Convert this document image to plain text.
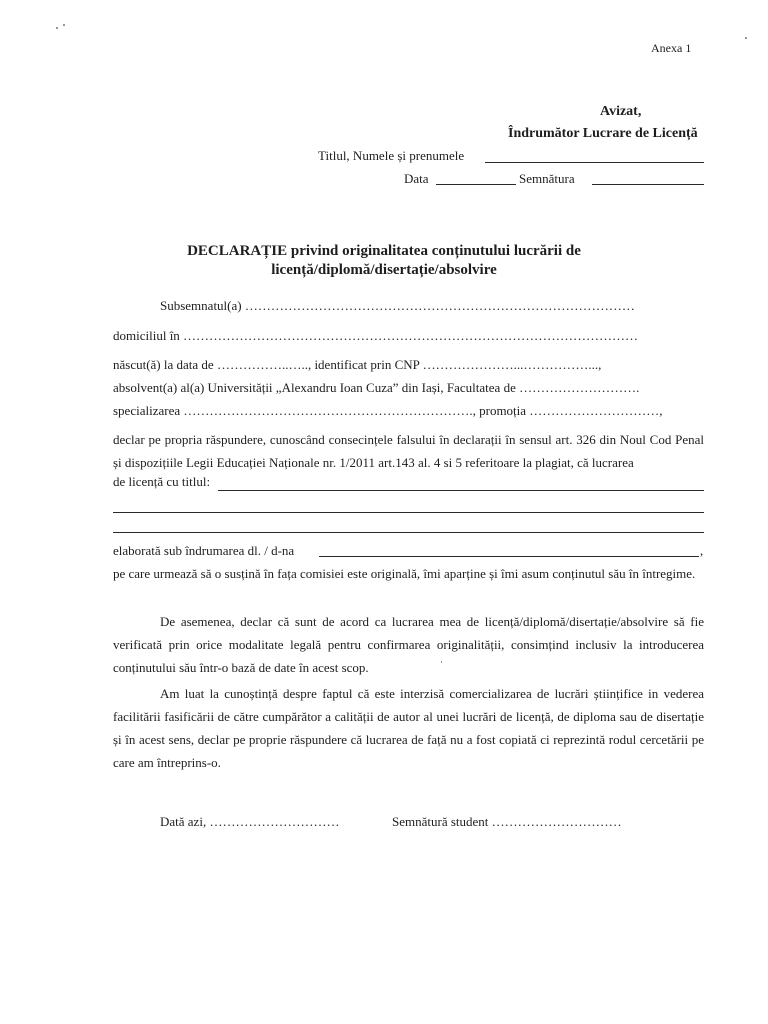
Anexa 1
Avizat,
Îndrumător Lucrare de Licență
Titlul, Numele și prenumele
Data	Semnătura
DECLARAȚIE privind originalitatea conținutului lucrării de
licență/diplomă/disertație/absolvire
Subsemnatul(a) ………………………………………………………………………………
domiciliul în ……………………………………………………………………………………………
născut(ă) la data de ……………..….., identificat prin CNP …………………...……………...,
absolvent(a) al(a) Universității „Alexandru Ioan Cuza” din Iași, Facultatea de ……………………….
specializarea …………………………………………………………., promoția …………………………,
declar pe propria răspundere, cunoscând consecințele falsului în declarații în sensul art. 326 din Noul Cod Penal și dispozițiile Legii Educației Naționale nr. 1/2011 art.143 al. 4 si 5 referitoare la plagiat, că lucrarea
de licență cu titlul:
elaborată sub îndrumarea dl. / d-na	,
pe care urmează să o susțină în fața comisiei este originală, îmi aparține și îmi asum conținutul său în întregime.
De asemenea, declar că sunt de acord ca lucrarea mea de licență/diplomă/disertație/absolvire să fie verificată prin orice modalitate legală pentru confirmarea originalității, consimțind inclusiv la introducerea conținutului său într-o bază de date în acest scop.
Am luat la cunoștință despre faptul că este interzisă comercializarea de lucrări științifice in vederea facilitării fasificării de către cumpărător a calității de autor al unei lucrări de licență, de diploma sau de disertație și în acest sens, declar pe proprie răspundere că lucrarea de față nu a fost copiată ci reprezintă rodul cercetării pe care am întreprins-o.
Dată azi, …………………………	Semnătură student …………………………
